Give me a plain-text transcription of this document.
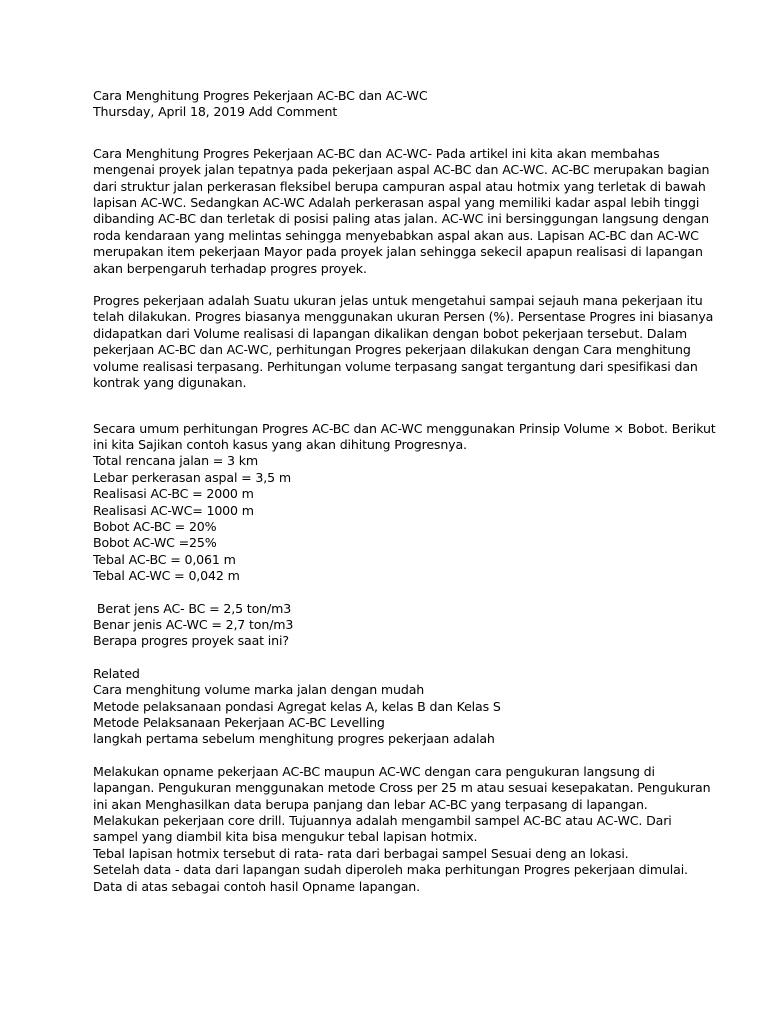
Cara Menghitung Progres Pekerjaan AC-BC dan AC-WC
Thursday, April 18, 2019 Add Comment
Cara Menghitung Progres Pekerjaan AC-BC dan AC-WC- Pada artikel ini kita akan membahas
mengenai proyek jalan tepatnya pada pekerjaan aspal AC-BC dan AC-WC. AC-BC merupakan bagian
dari struktur jalan perkerasan fleksibel berupa campuran aspal atau hotmix yang terletak di bawah
lapisan AC-WC. Sedangkan AC-WC Adalah perkerasan aspal yang memiliki kadar aspal lebih tinggi
dibanding AC-BC dan terletak di posisi paling atas jalan. AC-WC ini bersinggungan langsung dengan
roda kendaraan yang melintas sehingga menyebabkan aspal akan aus. Lapisan AC-BC dan AC-WC
merupakan item pekerjaan Mayor pada proyek jalan sehingga sekecil apapun realisasi di lapangan
akan berpengaruh terhadap progres proyek.
Progres pekerjaan adalah Suatu ukuran jelas untuk mengetahui sampai sejauh mana pekerjaan itu
telah dilakukan. Progres biasanya menggunakan ukuran Persen (%). Persentase Progres ini biasanya
didapatkan dari Volume realisasi di lapangan dikalikan dengan bobot pekerjaan tersebut. Dalam
pekerjaan AC-BC dan AC-WC, perhitungan Progres pekerjaan dilakukan dengan Cara menghitung
volume realisasi terpasang. Perhitungan volume terpasang sangat tergantung dari spesifikasi dan
kontrak yang digunakan.
Secara umum perhitungan Progres AC-BC dan AC-WC menggunakan Prinsip Volume × Bobot. Berikut
ini kita Sajikan contoh kasus yang akan dihitung Progresnya.
Total rencana jalan = 3 km
Lebar perkerasan aspal = 3,5 m
Realisasi AC-BC = 2000 m
Realisasi AC-WC= 1000 m
Bobot AC-BC = 20%
Bobot AC-WC =25%
Tebal AC-BC = 0,061 m
Tebal AC-WC = 0,042 m
Berat jens AC- BC = 2,5 ton/m3
Benar jenis AC-WC = 2,7 ton/m3
Berapa progres proyek saat ini?
Related
Cara menghitung volume marka jalan dengan mudah
Metode pelaksanaan pondasi Agregat kelas A, kelas B dan Kelas S
Metode Pelaksanaan Pekerjaan AC-BC Levelling
langkah pertama sebelum menghitung progres pekerjaan adalah
Melakukan opname pekerjaan AC-BC maupun AC-WC dengan cara pengukuran langsung di
lapangan. Pengukuran menggunakan metode Cross per 25 m atau sesuai kesepakatan. Pengukuran
ini akan Menghasilkan data berupa panjang dan lebar AC-BC yang terpasang di lapangan.
Melakukan pekerjaan core drill. Tujuannya adalah mengambil sampel AC-BC atau AC-WC. Dari
sampel yang diambil kita bisa mengukur tebal lapisan hotmix.
Tebal lapisan hotmix tersebut di rata- rata dari berbagai sampel Sesuai deng an lokasi.
Setelah data - data dari lapangan sudah diperoleh maka perhitungan Progres pekerjaan dimulai.
Data di atas sebagai contoh hasil Opname lapangan.
